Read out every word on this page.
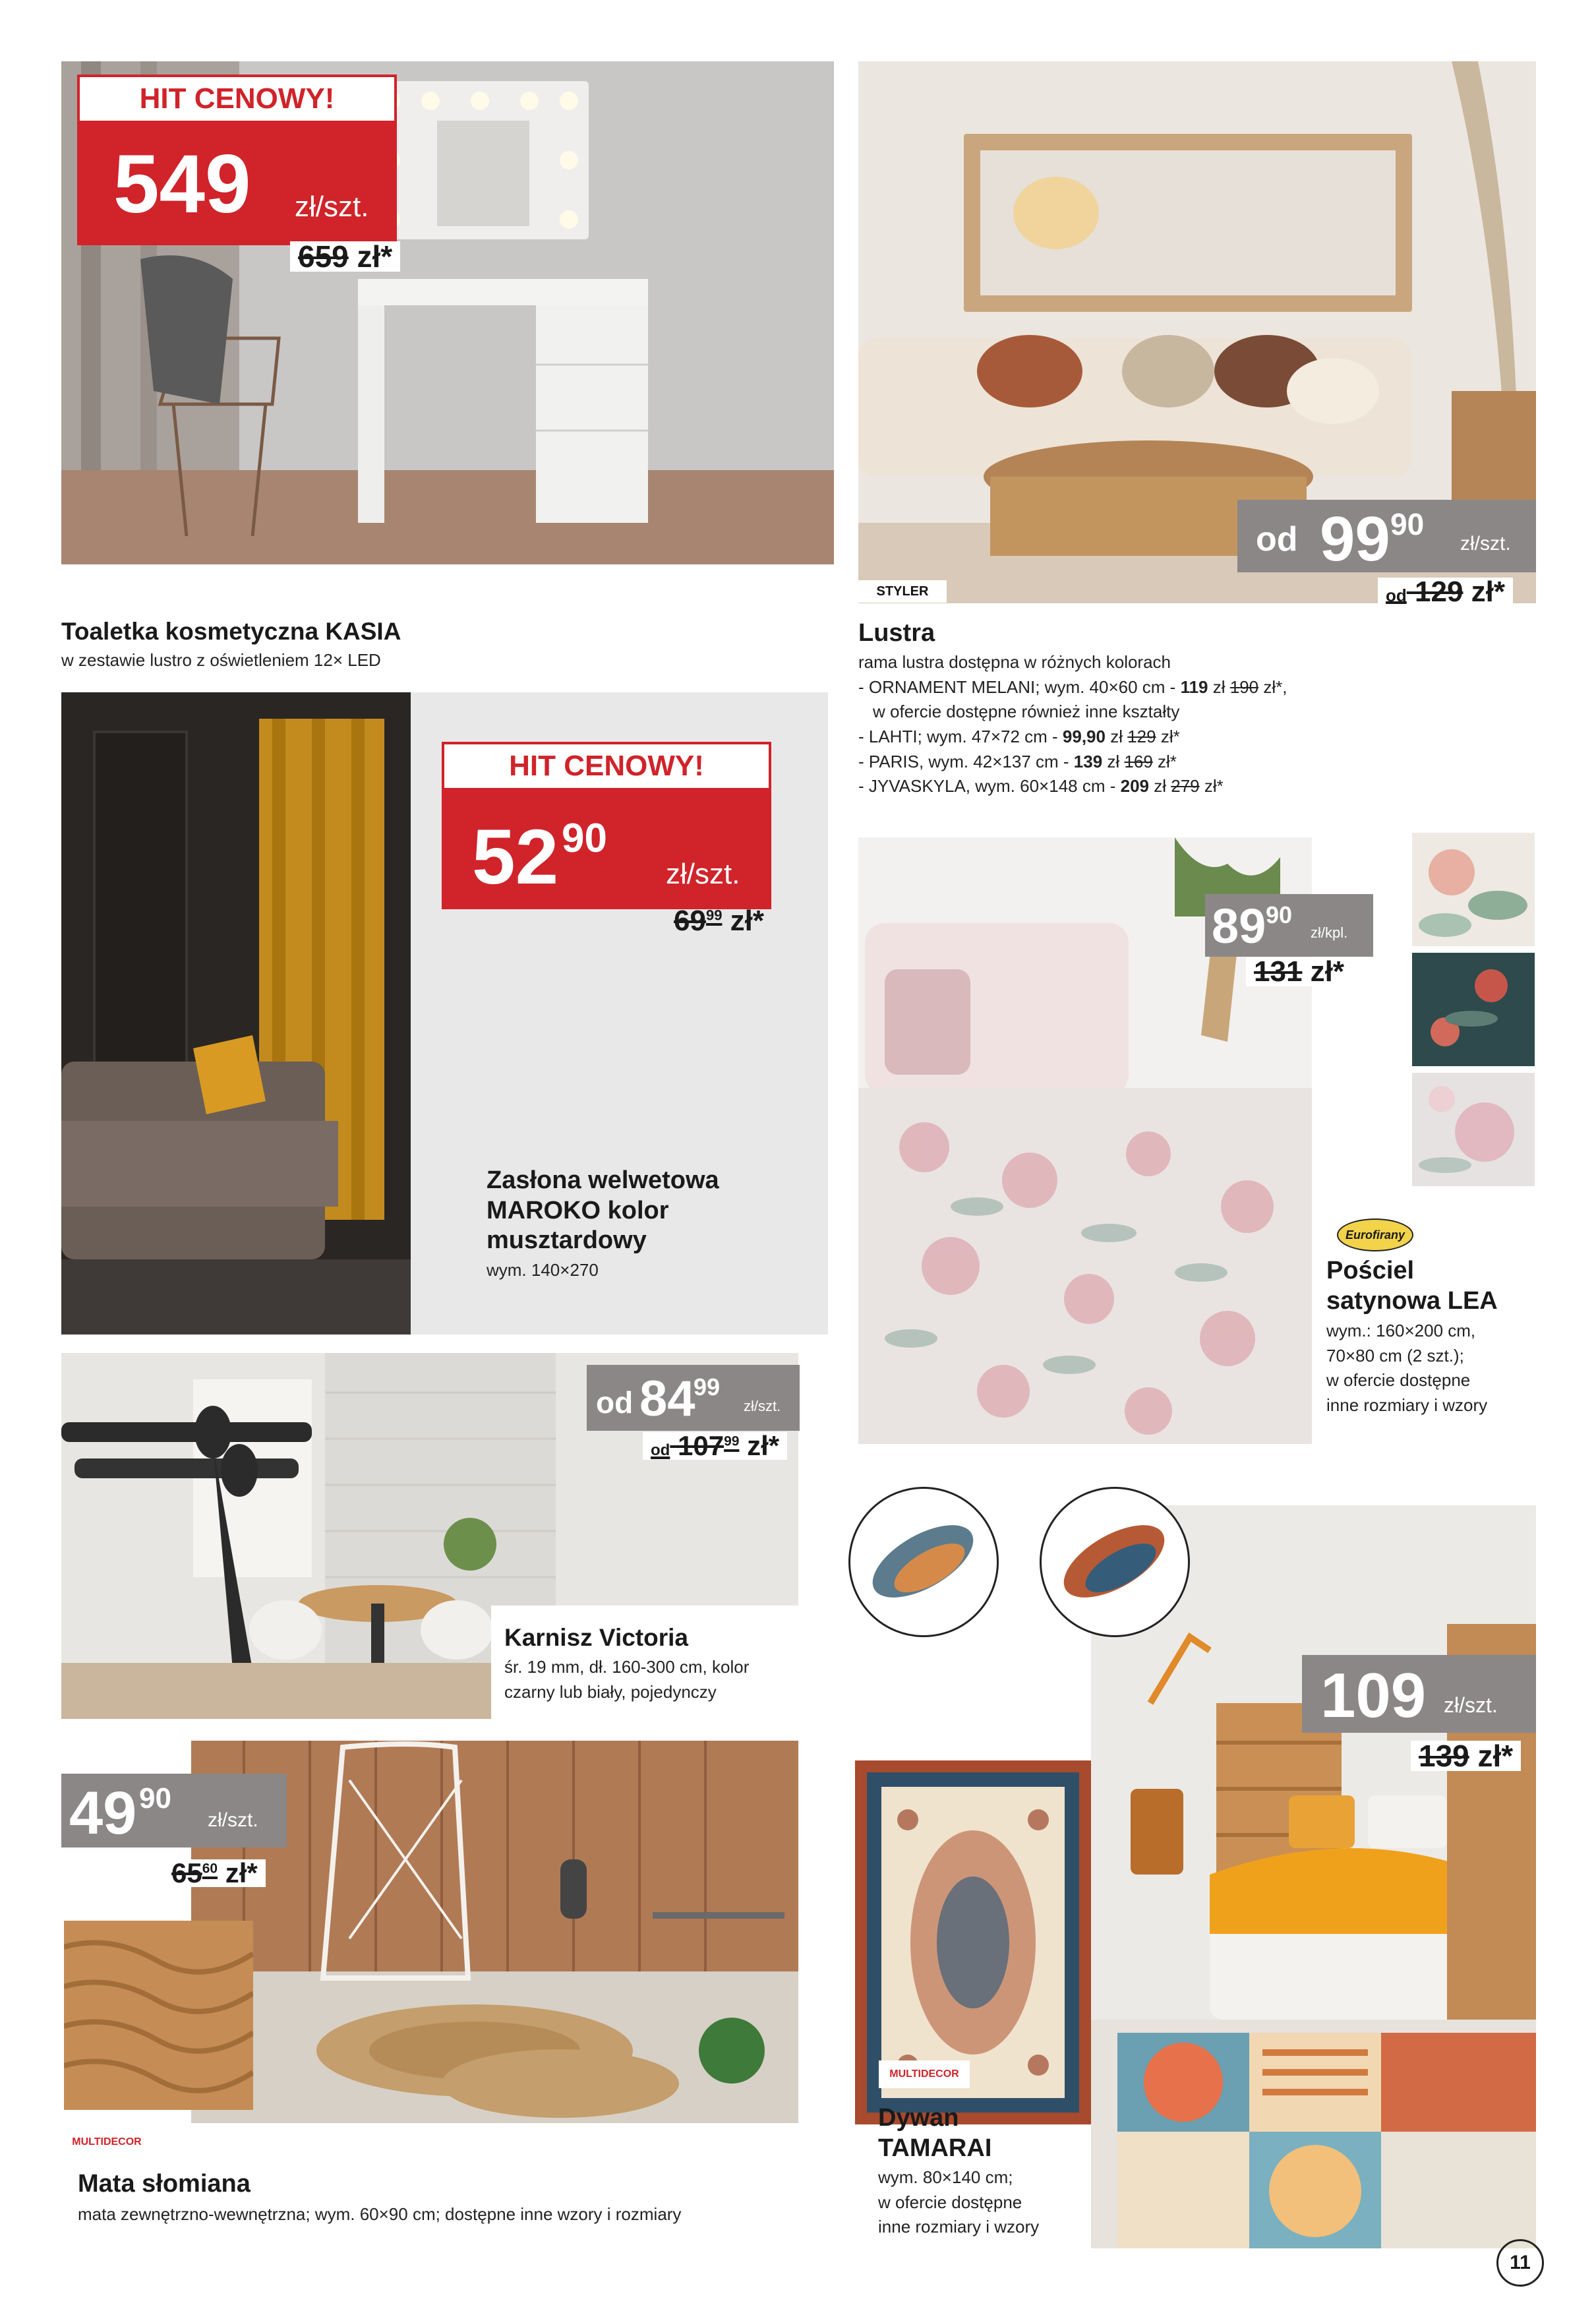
HIT CENOWY!
549 zł/szt.
659 zł*
Toaletka kosmetyczna KASIA
w zestawie lustro z oświetleniem 12× LED
od 99 90
zł/szt.
od 129 zł*
STYLER
Lustra

rama lustra dostępna w różnych kolorach

- ORNAMENT MELANI; wym. 40×60 cm - 119 zł 190 zł*,

w ofercie dostępne również inne kształty

- LAHTI; wym. 47×72 cm - 99,90 zł 129 zł*

- PARIS, wym. 42×137 cm - 139 zł 169 zł*

- JYVASKYLA, wym. 60×148 cm - 209 zł 279 zł*

HIT CENOWY!
52 90
zł/szt.
$69^{99}$ zł*
Zasłona welwetowa
MAROKO kolor
musztardowy
wym. 140×270
89 90
zł/kpl.
131 zł*
Eurofirany
Pościel
satynowa LEA

wym.: 160×200 cm,

70×80 cm (2 szt.);

w ofercie dostępne

inne rozmiary i wzory

od 84
99
zł/szt.
od $107^{99}$ zł*
Karnisz Victoria

śr. 19 mm, dł. 160-300 cm, kolor

czarny lub biały, pojedynczy

49 90
zł/szt.
$65^{60}$ zł*
MULTIDECOR
Mata słomiana
mata zewnętrzno-wewnętrzna; wym. 60×90 cm; dostępne inne wzory i rozmiary
109 zł/szt.
139 zł*
MULTIDECOR
Dywan
TAMARAI

wym. 80×140 cm;

w ofercie dostępne

inne rozmiary i wzory

11
